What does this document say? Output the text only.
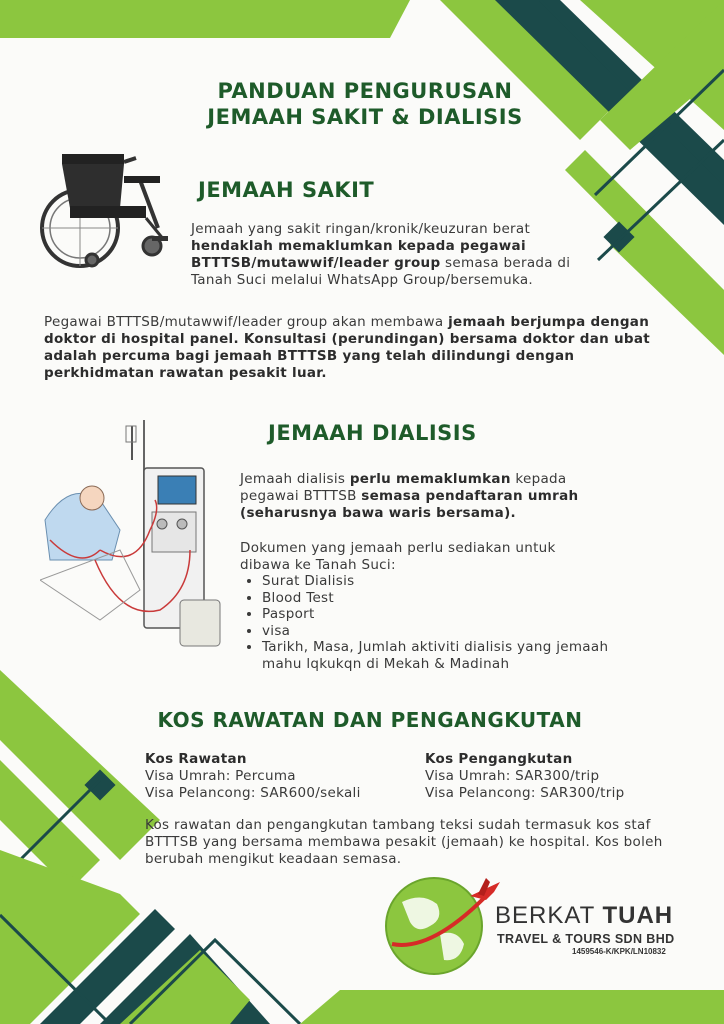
PANDUAN PENGURUSAN
JEMAAH SAKIT & DIALISIS
JEMAAH SAKIT
Jemaah yang sakit ringan/kronik/keuzuran berat hendaklah memaklumkan kepada pegawai BTTTSB/mutawwif/leader group semasa berada di Tanah Suci melalui WhatsApp Group/bersemuka.
Pegawai BTTTSB/mutawwif/leader group akan membawa jemaah berjumpa dengan doktor di hospital panel. Konsultasi (perundingan) bersama doktor dan ubat adalah percuma bagi jemaah BTTTSB yang telah dilindungi dengan perkhidmatan rawatan pesakit luar.
JEMAAH DIALISIS
Jemaah dialisis perlu memaklumkan kepada pegawai BTTTSB semasa pendaftaran umrah (seharusnya bawa waris bersama).
Dokumen yang jemaah perlu sediakan untuk dibawa ke Tanah Suci:
• Surat Dialisis
• Blood Test
• Pasport
• visa
• Tarikh, Masa, Jumlah aktiviti dialisis yang jemaah mahu lqkukqn di Mekah & Madinah
KOS RAWATAN DAN PENGANGKUTAN
Kos Rawatan
Visa Umrah: Percuma
Visa Pelancong: SAR600/sekali
Kos Pengangkutan
Visa Umrah: SAR300/trip
Visa Pelancong: SAR300/trip
Kos rawatan dan pengangkutan tambang teksi sudah termasuk kos staf BTTTSB yang bersama membawa pesakit (jemaah) ke hospital. Kos boleh berubah mengikut keadaan semasa.
BERKAT TUAH
TRAVEL & TOURS SDN BHD
1459546-K/KPK/LN10832
